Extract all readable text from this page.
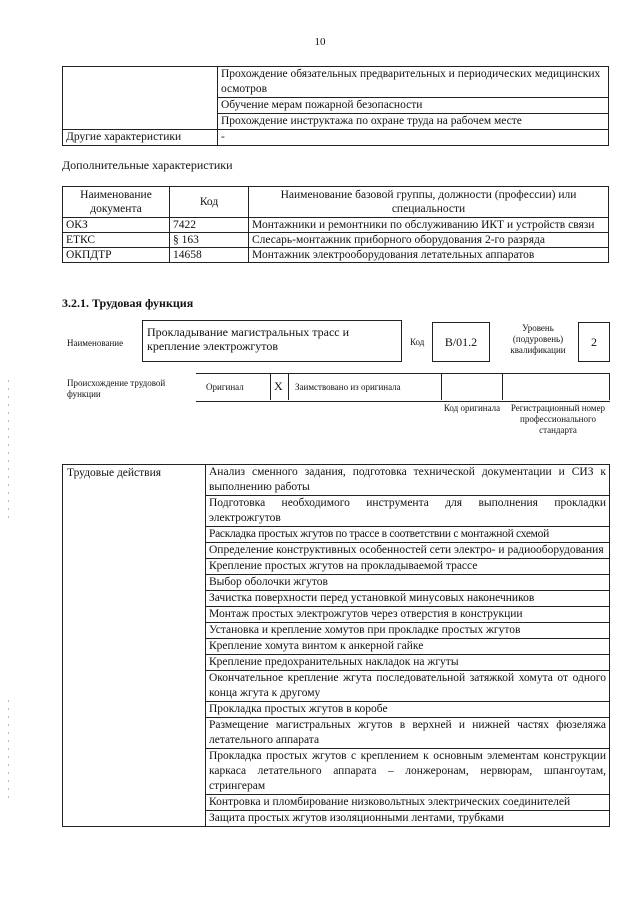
10

	Прохождение обязательных предварительных и периодических медицинских осмотров
Обучение мерам пожарной безопасности
Прохождение инструктажа по охране труда на рабочем месте

Другие характеристики	-
Дополнительные характеристики
Наименование документа	Код	Наименование базовой группы, должности (профессии) или специальности
ОКЗ	7422	Монтажники и ремонтники по обслуживанию ИКТ и устройств связи
ЕТКС	§ 163	Слесарь-монтажник приборного оборудования 2-го разряда
ОКПДТР	14658	Монтажник электрооборудования летательных аппаратов
3.2.1. Трудовая функция
Наименование
Прокладывание магистральных трасс и крепление электрожгутов	Код	B/01.2
Уровень (подуровень) квалификации
2
Происхождение трудовой функции
Оригинал	X Заимствовано из оригинала
Код оригинала	Регистрационный номер профессионального стандарта
Трудовые действия	Анализ сменного задания, подготовка технической документации и СИЗ к выполнению работы
Подготовка необходимого инструмента для выполнения прокладки электрожгутов
Раскладка простых жгутов по трассе в соответствии с монтажной схемой
Определение конструктивных особенностей сети электро- и радиооборудования
Крепление простых жгутов на прокладываемой трассе
Выбор оболочки жгутов
Зачистка поверхности перед установкой минусовых наконечников
Монтаж простых электрожгутов через отверстия в конструкции
Установка и крепление хомутов при прокладке простых жгутов
Крепление хомута винтом к анкерной гайке
Крепление предохранительных накладок на жгуты
Окончательное крепление жгута последовательной затяжкой хомута от одного конца жгута к другому
Прокладка простых жгутов в коробе
Размещение магистральных жгутов в верхней и нижней частях фюзеляжа летательного аппарата
Прокладка простых жгутов с креплением к основным элементам конструкции каркаса летательного аппарата – лонжеронам, нервюрам, шпангоутам, стрингерам
Контровка и пломбирование низковольтных электрических соединителей
Защита простых жгутов изоляционными лентами, трубками
